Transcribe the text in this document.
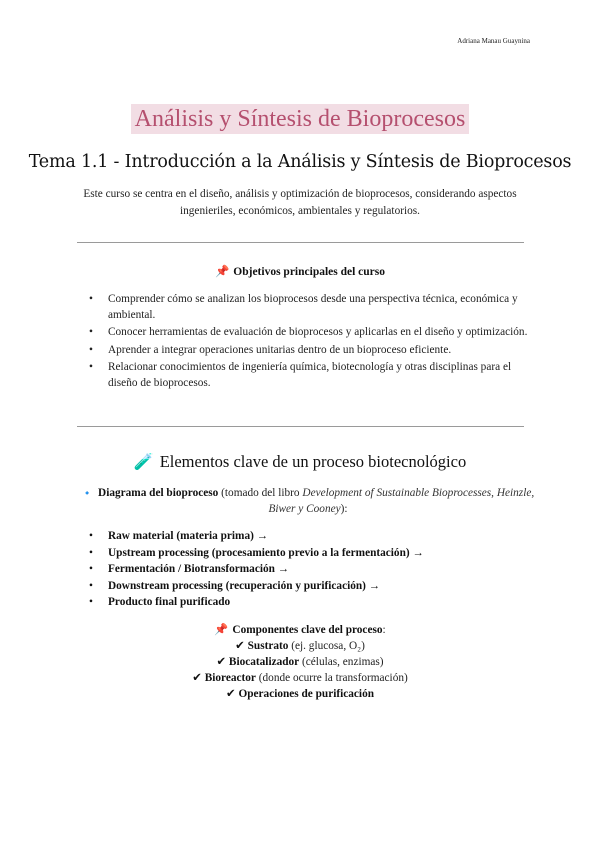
Adriana Manau Guaynina
Análisis y Síntesis de Bioprocesos
Tema 1.1 - Introducción a la Análisis y Síntesis de Bioprocesos
Este curso se centra en el diseño, análisis y optimización de bioprocesos, considerando aspectos ingenieriles, económicos, ambientales y regulatorios.
📌 Objetivos principales del curso
• Comprender cómo se analizan los bioprocesos desde una perspectiva técnica, económica y ambiental.
• Conocer herramientas de evaluación de bioprocesos y aplicarlas en el diseño y optimización.
• Aprender a integrar operaciones unitarias dentro de un bioproceso eficiente.
• Relacionar conocimientos de ingeniería química, biotecnología y otras disciplinas para el diseño de bioprocesos.
🧪 Elementos clave de un proceso biotecnológico
🔹 Diagrama del bioproceso (tomado del libro Development of Sustainable Bioprocesses, Heinzle, Biwer y Cooney):
• Raw material (materia prima) →
• Upstream processing (procesamiento previo a la fermentación) →
• Fermentación / Biotransformación →
• Downstream processing (recuperación y purificación) →
• Producto final purificado
📌 Componentes clave del proceso:
✔ Sustrato (ej. glucosa, O₂)
✔ Biocatalizador (células, enzimas)
✔ Bioreactor (donde ocurre la transformación)
✔ Operaciones de purificación
